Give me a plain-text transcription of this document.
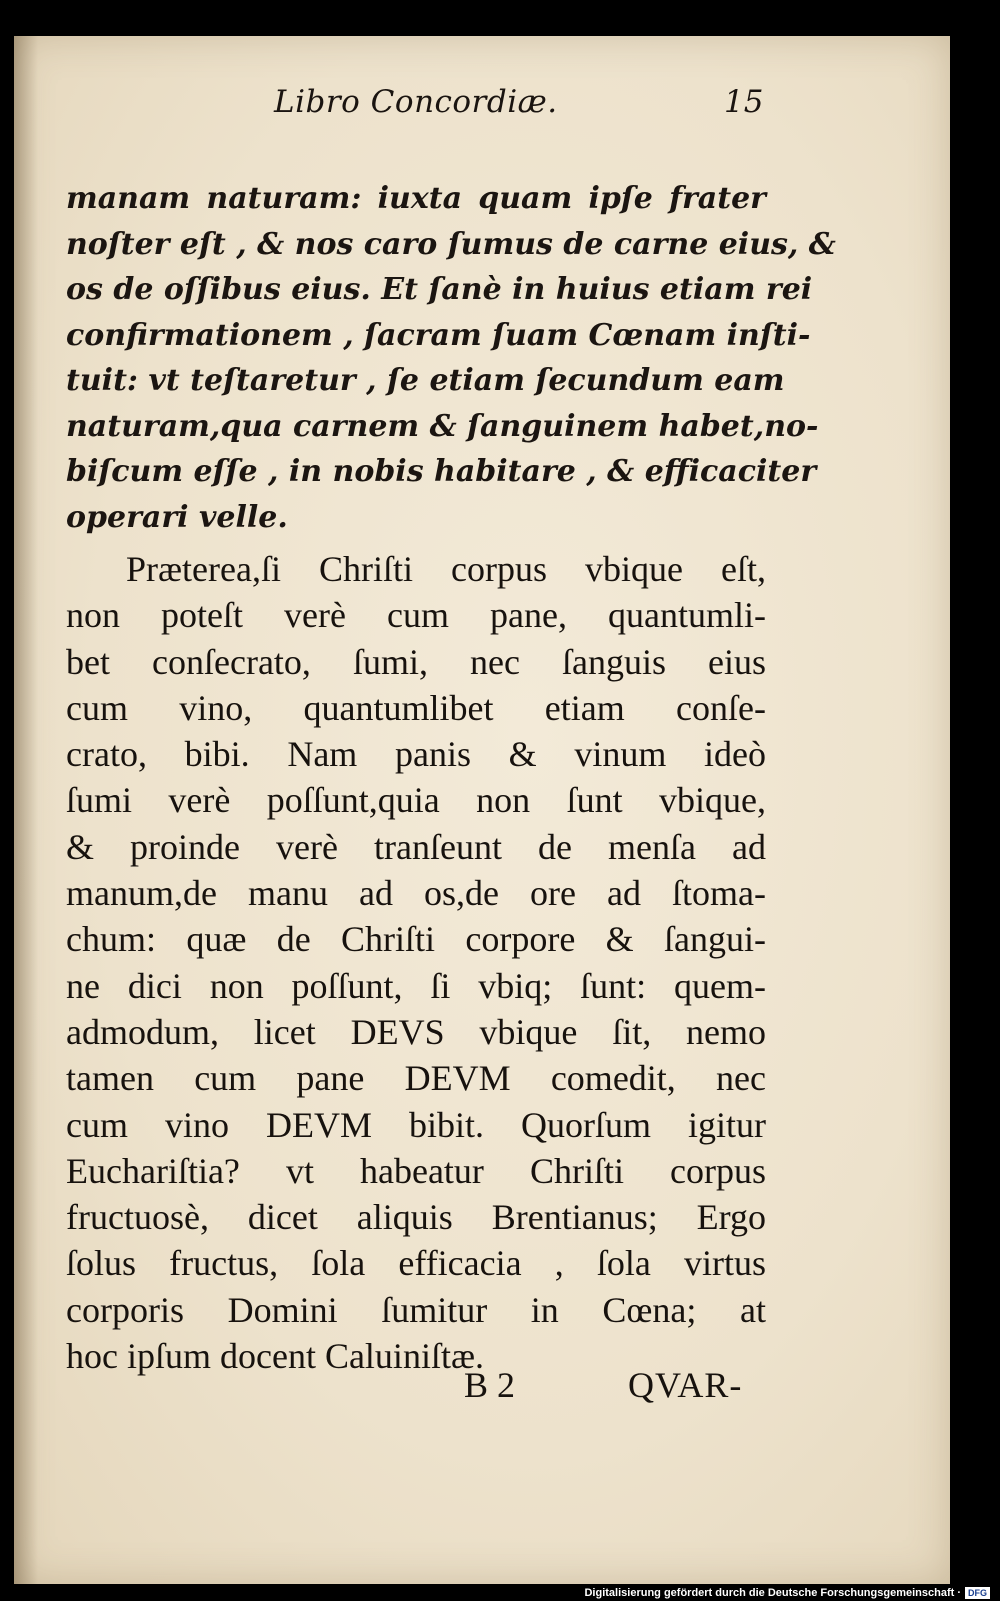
Libro Concordiæ.	15
manam naturam: iuxta quam ipſe frater
noſter eſt , & nos caro ſumus de carne eius, &
os de oſſibus eius. Et ſanè in huius etiam rei
confirmationem , ſacram ſuam Cœnam inſti-
tuit: vt teſtaretur , ſe etiam ſecundum eam
naturam,qua carnem & ſanguinem habet,no-
biſcum eſſe , in nobis habitare , & efficaciter
operari velle.
Præterea,ſi Chriſti corpus vbique eſt,
non poteſt verè cum pane, quantumli-
bet conſecrato, ſumi, nec ſanguis eius
cum vino, quantumlibet etiam conſe-
crato, bibi. Nam panis & vinum ideò
ſumi verè poſſunt,quia non ſunt vbique,
& proinde verè tranſeunt de menſa ad
manum,de manu ad os,de ore ad ſtoma-
chum: quæ de Chriſti corpore & ſangui-
ne dici non poſſunt, ſi vbiq; ſunt: quem-
admodum, licet DEVS vbique ſit, nemo
tamen cum pane DEVM comedit, nec
cum vino DEVM bibit. Quorſum igitur
Euchariſtia? vt habeatur Chriſti corpus
fructuosè, dicet aliquis Brentianus; Ergo
ſolus fructus, ſola efficacia , ſola virtus
corporis Domini ſumitur in Cœna; at
hoc ipſum docent Caluiniſtæ.
B 2	QVAR-
Digitalisierung gefördert durch die Deutsche Forschungsgemeinschaft · DFG
